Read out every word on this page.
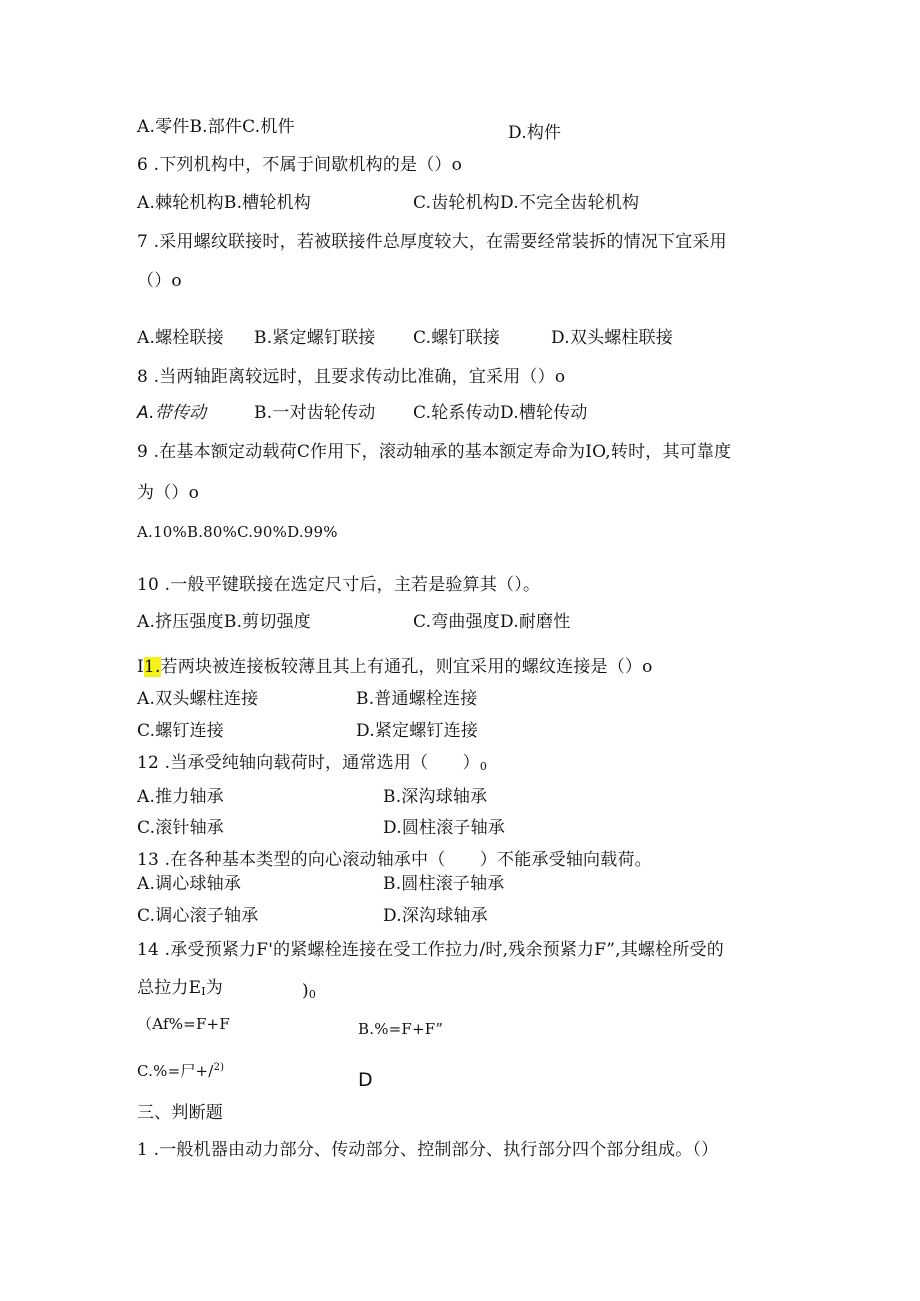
A.零件B.部件C.机件	D.构件
6 .下列机构中，不属于间歇机构的是（）o
A.棘轮机构B.槽轮机构	C.齿轮机构D.不完全齿轮机构
7 .采用螺纹联接时，若被联接件总厚度较大，在需要经常装拆的情况下宜采用
（）o
A.螺栓联接 B.紧定螺钉联接 C.螺钉联接	D.双头螺柱联接
8 .当两轴距离较远时，且要求传动比准确，宜采用（）o
A.带传动	B.一对齿轮传动 C.轮系传动D.槽轮传动
9 .在基本额定动载荷C作用下，滚动轴承的基本额定寿命为IO,转时，其可靠度
为（）o
A.10%B.80%C.90%D.99%
10 .一般平键联接在选定尺寸后，主若是验算其（）。
A.挤压强度B.剪切强度	C.弯曲强度D.耐磨性
I1.若两块被连接板较薄且其上有通孔，则宜采用的螺纹连接是（）o
A.双头螺柱连接	B.普通螺栓连接
C.螺钉连接	D.紧定螺钉连接
12 .当承受纯轴向载荷时，通常选用（　　）0
A.推力轴承	B.深沟球轴承
C.滚针轴承	D.圆柱滚子轴承
13 .在各种基本类型的向心滚动轴承中（　　）不能承受轴向载荷。
A.调心球轴承	B.圆柱滚子轴承
C.调心滚子轴承	D.深沟球轴承
14 .承受预紧力F'的紧螺栓连接在受工作拉力/时,残余预紧力F”,其螺栓所受的
总拉力EI为	)0
（Af%=F+F	B.%=F+F”
C.%=尸+/$^{2)}$
D
三、判断题
1 .一般机器由动力部分、传动部分、控制部分、执行部分四个部分组成。（）
